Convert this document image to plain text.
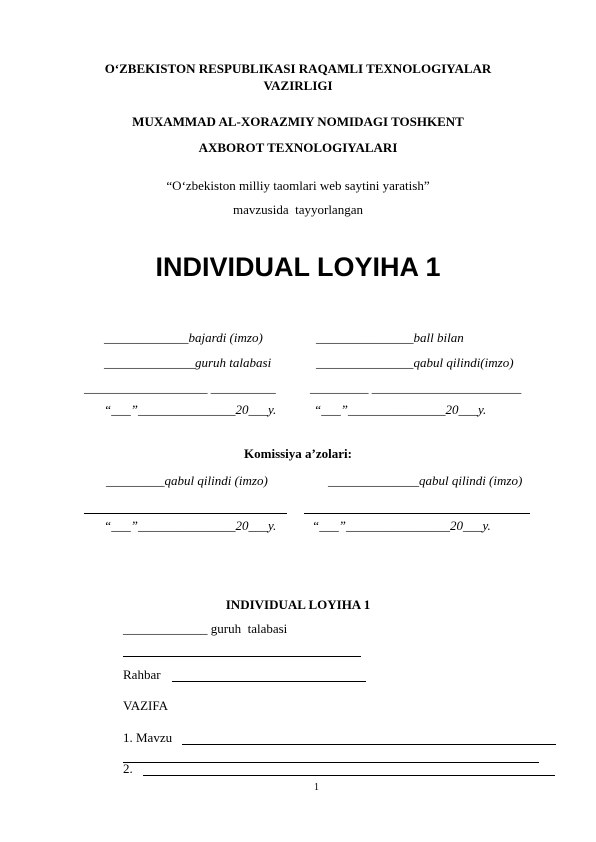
O‘ZBEKISTON RESPUBLIKASI RAQAMLI TEXNOLOGIYALAR
VAZIRLIGI
MUXAMMAD AL-XORAZMIY NOMIDAGI TOSHKENT
AXBOROT TEXNOLOGIYALARI
“O‘zbekiston milliy taomlari web saytini yaratish”
mavzusida  tayyorlangan
INDIVIDUAL LOYIHA 1
_____________bajardi (imzo)	_______________ball bilan
______________guruh talabasi	_______________qabul qilindi(imzo)
___________________ __________	_________ _______________________
“___”_______________20___y.	“___”_______________20___y.
Komissiya a’zolari:
_________qabul qilindi (imzo)	______________qabul qilindi (imzo)
“___”_______________20___y.	“___”________________20___y.
INDIVIDUAL LOYIHA 1
_____________ guruh  talabasi
Rahbar
VAZIFA
1. Mavzu
2.
1
